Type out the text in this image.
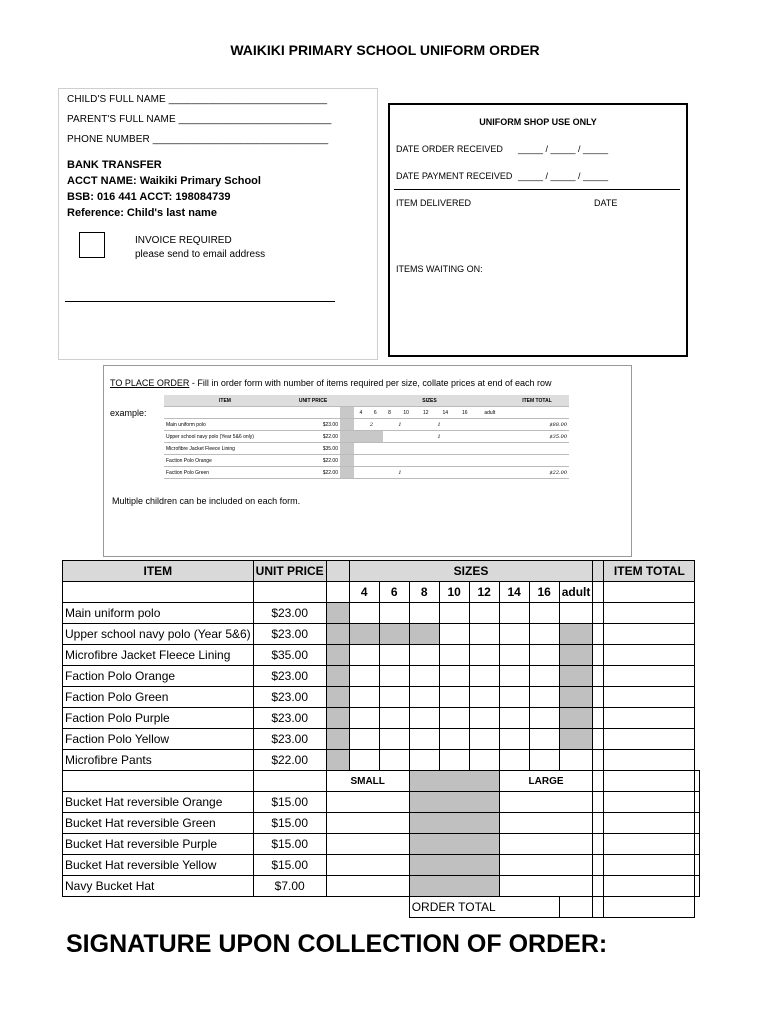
WAIKIKI PRIMARY SCHOOL UNIFORM ORDER
CHILD'S FULL NAME ____________________________
PARENT'S FULL NAME ___________________________
PHONE NUMBER _______________________________
BANK TRANSFER
ACCT NAME: Waikiki Primary School
BSB: 016 441 ACCT: 198084739
Reference: Child's last name
INVOICE REQUIRED
please send to email address
UNIFORM SHOP USE ONLY
DATE ORDER RECEIVED _____ / _____ / _____
DATE PAYMENT RECEIVED _____ / _____ / _____
ITEM DELIVERED	DATE
ITEMS WAITING ON:
TO PLACE ORDER - Fill in order form with number of items required per size, collate prices at end of each row
example:
ITEM	UNIT PRICE		SIZES								ITEM TOTAL
			4	6	8	10	12	14	16	adult	
Main uniform polo	$23.00			2		1		1			$88.00
Upper school navy polo (Year 5&6 only)	$22.00							1			$35.00
Microfibre Jacket Fleece Lining	$35.00										
Faction Polo Orange	$22.00										
Faction Polo Green	$22.00					1					$22.00
Multiple children can be included on each form.
ITEM	UNIT PRICE		SIZES									ITEM TOTAL	
			4	6	8	10	12	14	16	adult			
Main uniform polo	$23.00												
Upper school navy polo (Year 5&6)	$23.00												
Microfibre Jacket Fleece Lining	$35.00												
Faction Polo Orange	$23.00												
Faction Polo Green	$23.00												
Faction Polo Purple	$23.00												
Faction Polo Yellow	$23.00												
Microfibre Pants	$22.00												
		SMALL						LARGE					
Bucket Hat reversible Orange	$15.00												
Bucket Hat reversible Green	$15.00												
Bucket Hat reversible Purple	$15.00												
Bucket Hat reversible Yellow	$15.00												
Navy Bucket Hat	$7.00												
					ORDER TOTAL								
SIGNATURE UPON COLLECTION OF ORDER:
